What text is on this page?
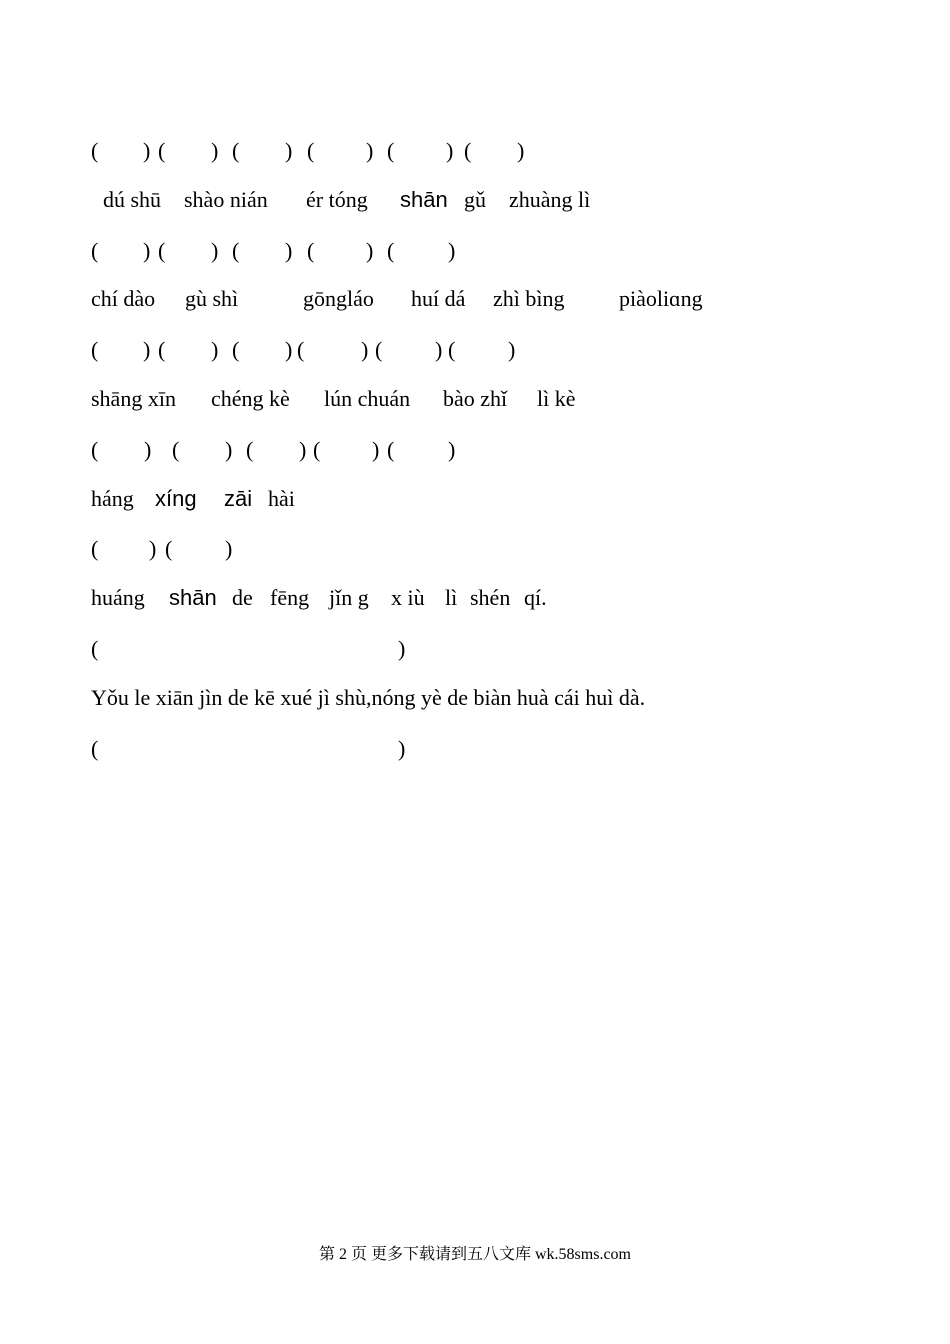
( )

( )

( )

( )

( )

( )

dú shū shào nián ér tóng shān gǔ zhuàng lì

( )

( )

( )

( )

( )

chí dào gù shì	gōngláo huí dá zhì bìng piàoliɑng

( )

( )

( )

(	)

( )

( )

shāng xīn chéng kè lún chuán bào zhǐ lì kè

( )

( )

( )

( )

( )

háng xíng zāi hài

( )

( )

huáng shān de fēng jǐn g x iù lì shén qí.

(	)

Yǒu le xiān jìn de kē xué jì shù,nóng yè de biàn huà cái huì dà.

(	)

第 2 页 更多下载请到五八文库 wk.58sms.com
